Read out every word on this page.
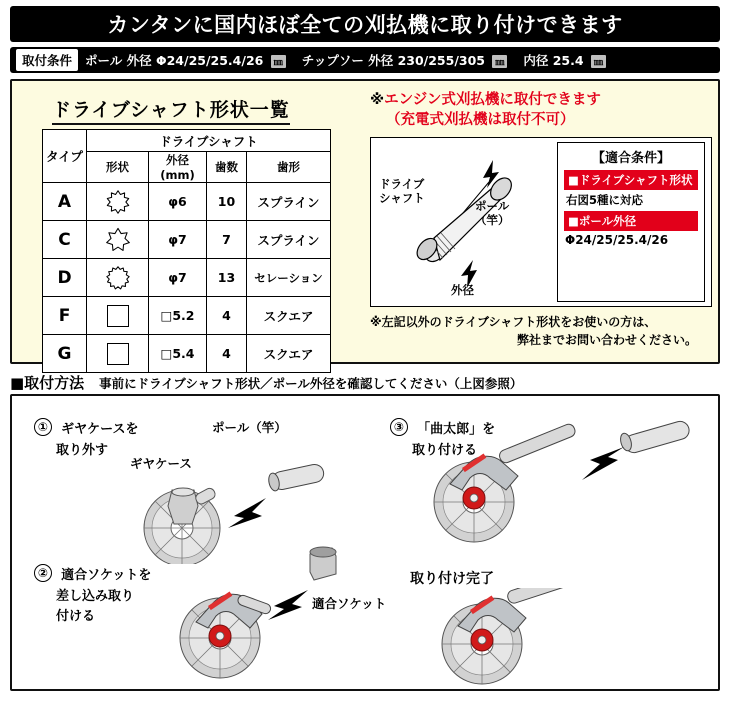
カンタンに国内ほぼ全ての刈払機に取り付けできます
取付条件	ポール 外径 Φ24/25/25.4/26 ㎜ チップソー 外径 230/255/305 ㎜ 内径 25.4 ㎜
ドライブシャフト形状一覧
タイプ	ドライブシャフト			
	形状	外径(mm)	歯数	歯形
A		φ6	10	スプライン
C		φ7	7	スプライン
D		φ7	13	セレーション
F		□5.2	4	スクエア
G		□5.4	4	スクエア
※エンジン式刈払機に取付できます
（充電式刈払機は取付不可）
ドライブ
シャフト
ポール
（竿）
外径
【適合条件】
■ドライブシャフト形状
右図5種に対応
■ポール外径
Φ24/25/25.4/26
※左記以外のドライブシャフト形状をお使いの方は、
弊社までお問い合わせください。
■取付方法 事前にドライブシャフト形状／ポール外径を確認してください（上図参照）
① ギヤケースを
取り外す
ポール（竿）
ギヤケース
② 適合ソケットを
差し込み取り
付ける
適合ソケット
③ 「曲太郎」を
取り付ける
取り付け完了
